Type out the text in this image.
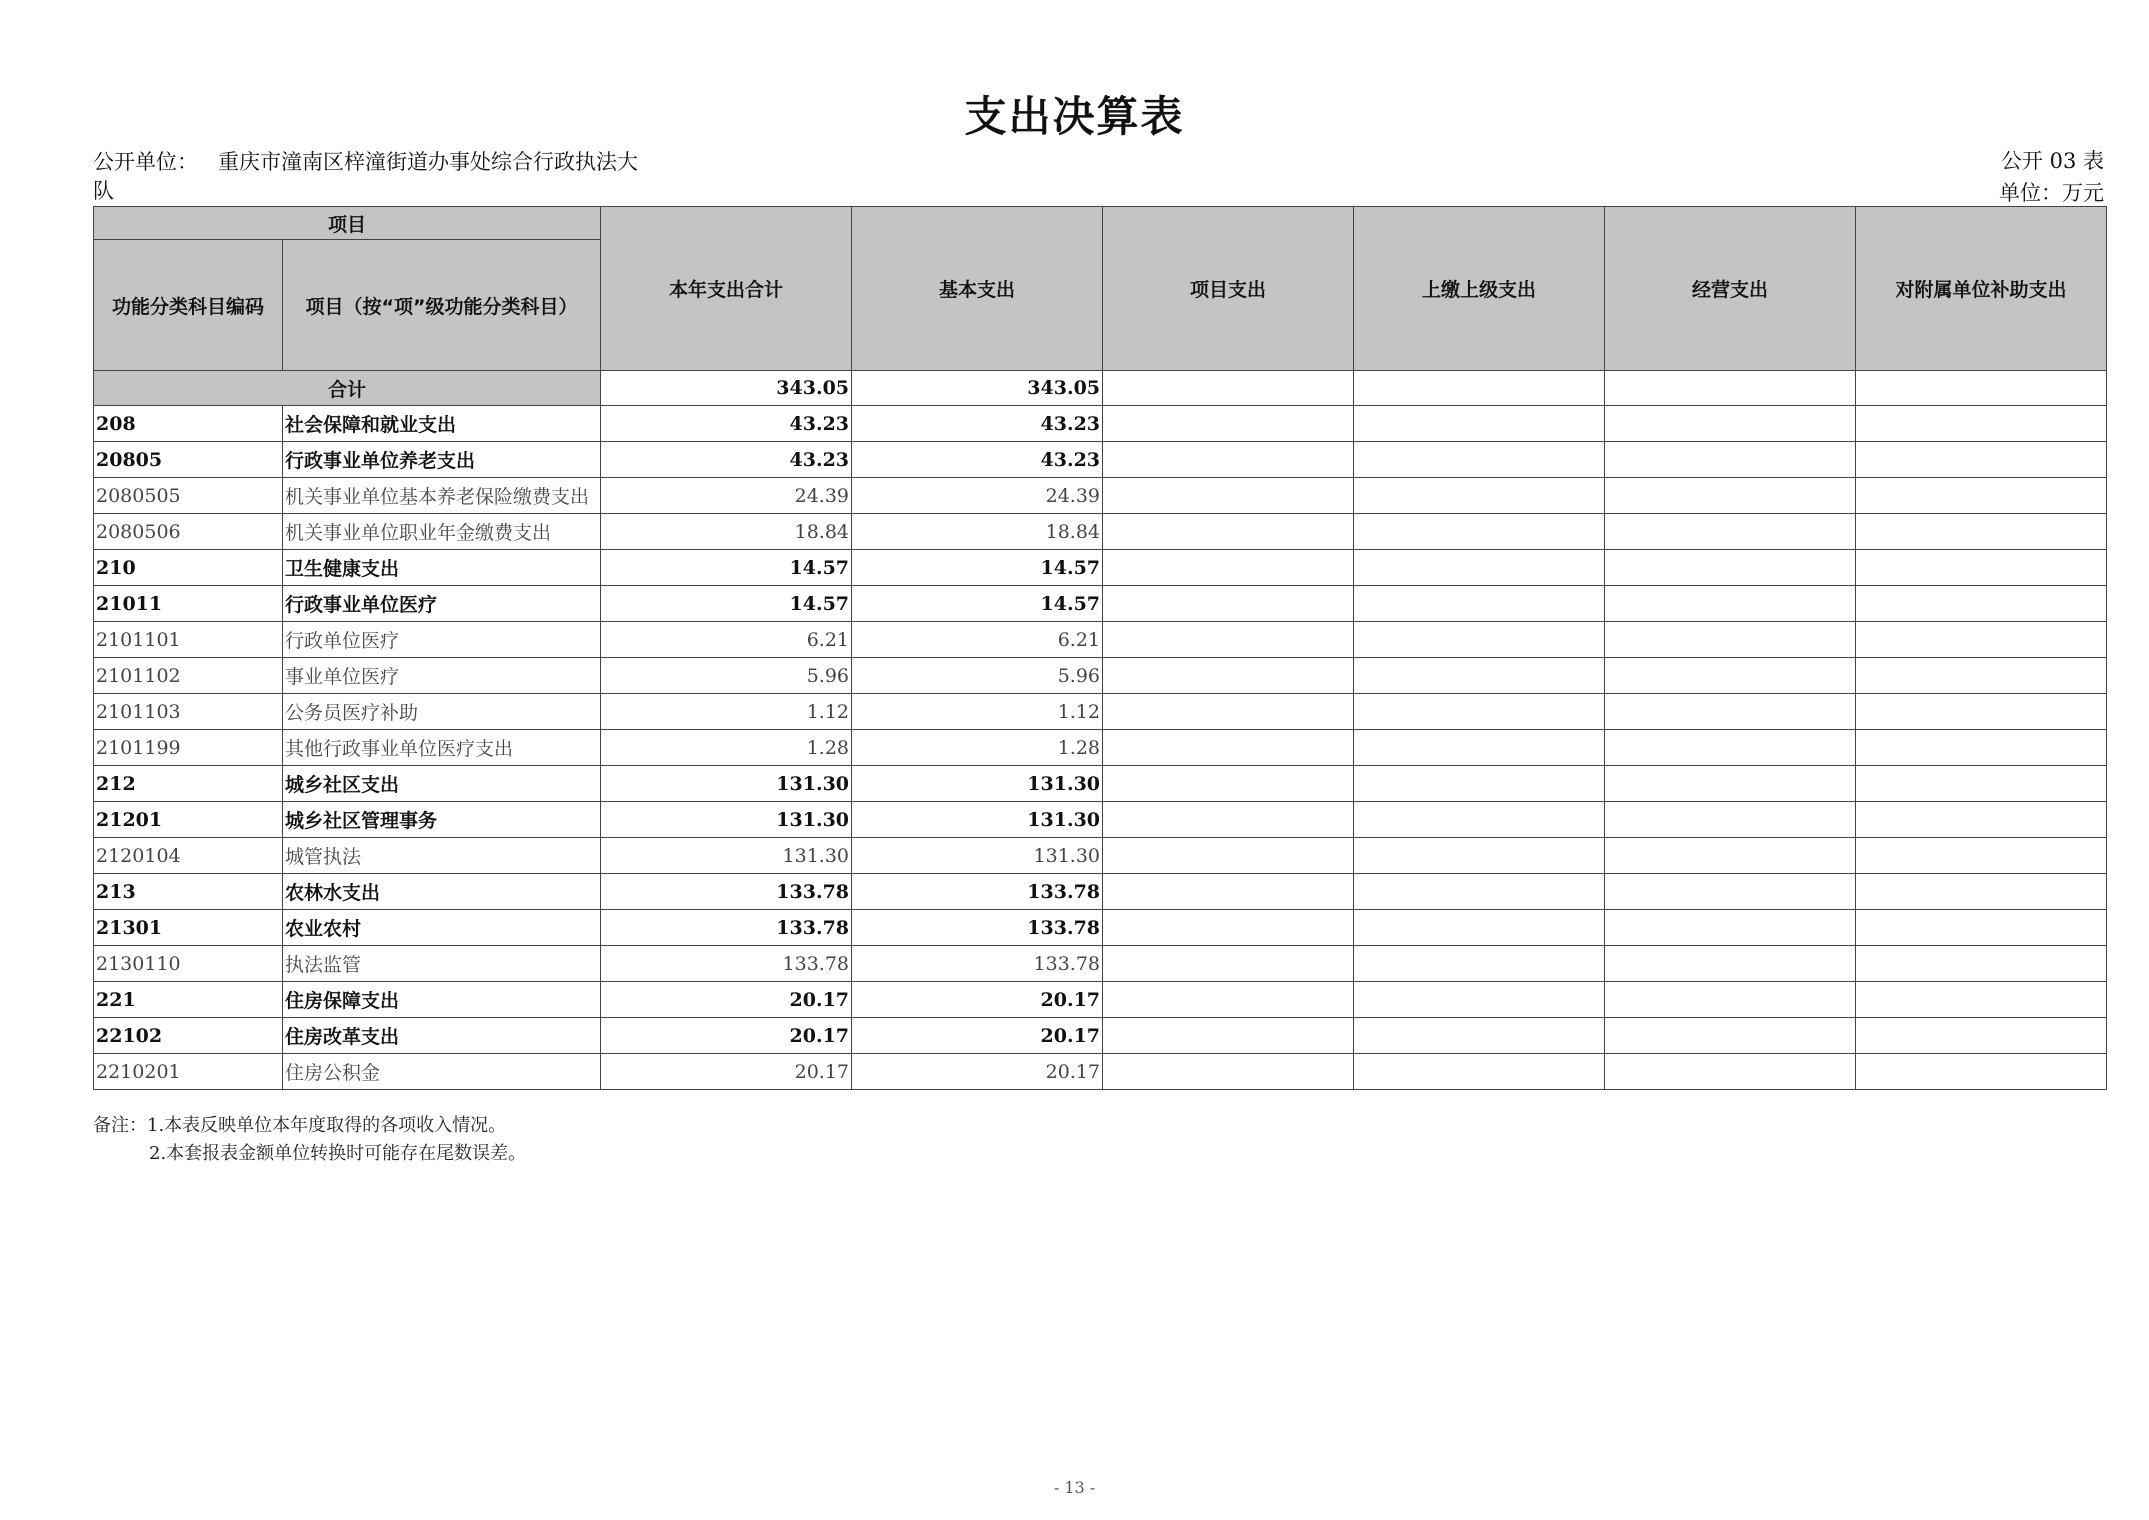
支出决算表
公开单位： 重庆市潼南区梓潼街道办事处综合行政执法大队
公开 03 表
单位：万元
项目		本年支出合计	基本支出	项目支出	上缴上级支出	经营支出	对附属单位补助支出
功能分类科目编码	项目（按“项”级功能分类科目）						
合计		343.05	343.05				
208	社会保障和就业支出	43.23	43.23				
20805	行政事业单位养老支出	43.23	43.23				
2080505	机关事业单位基本养老保险缴费支出	24.39	24.39				
2080506	机关事业单位职业年金缴费支出	18.84	18.84				
210	卫生健康支出	14.57	14.57				
21011	行政事业单位医疗	14.57	14.57				
2101101	行政单位医疗	6.21	6.21				
2101102	事业单位医疗	5.96	5.96				
2101103	公务员医疗补助	1.12	1.12				
2101199	其他行政事业单位医疗支出	1.28	1.28				
212	城乡社区支出	131.30	131.30				
21201	城乡社区管理事务	131.30	131.30				
2120104	城管执法	131.30	131.30				
213	农林水支出	133.78	133.78				
21301	农业农村	133.78	133.78				
2130110	执法监管	133.78	133.78				
221	住房保障支出	20.17	20.17				
22102	住房改革支出	20.17	20.17				
2210201	住房公积金	20.17	20.17				
备注：1.本表反映单位本年度取得的各项收入情况。
2.本套报表金额单位转换时可能存在尾数误差。
- 13 -
